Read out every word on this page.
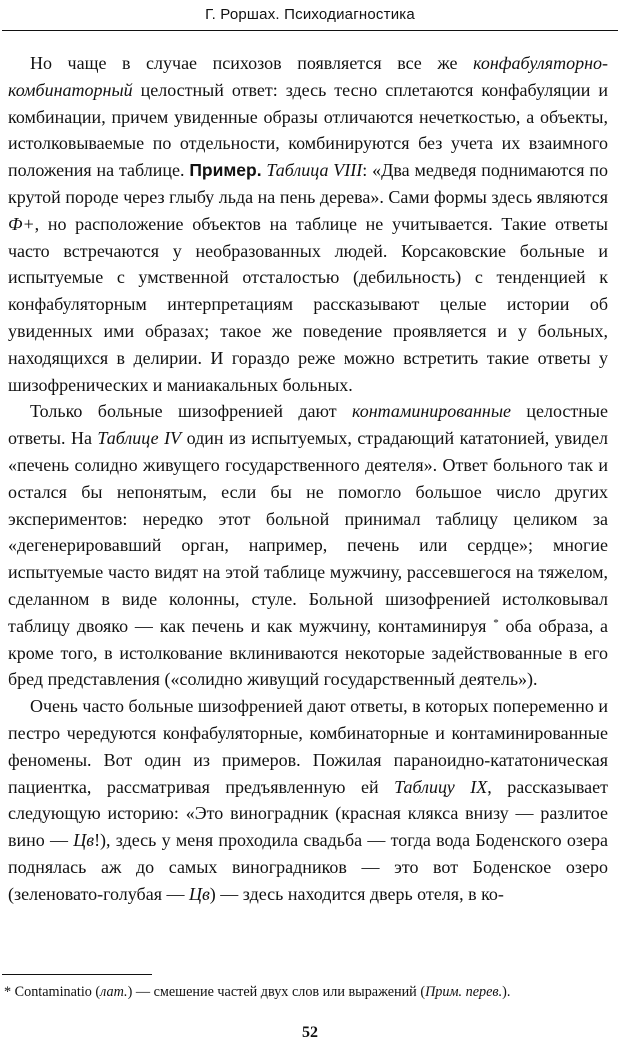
Г. Роршах. Психодиагностика

Но чаще в случае психозов появляется все же конфабуляторно-комбинаторный целостный ответ: здесь тесно сплетаются конфабуляции и комбинации, причем увиденные образы отличаются нечеткостью, а объекты, истолковываемые по отдельности, комбинируются без учета их взаимного положения на таблице. Пример. Таблица VIII: «Два медведя поднимаются по крутой породе через глыбу льда на пень дерева». Сами формы здесь являются Ф+, но расположение объектов на таблице не учитывается. Такие ответы часто встречаются у необразованных людей. Корсаковские больные и испытуемые с умственной отсталостью (дебильность) с тенденцией к конфабуляторным интерпретациям рассказывают целые истории об увиденных ими образах; такое же поведение проявляется и у больных, находящихся в делирии. И гораздо реже можно встретить такие ответы у шизофренических и маниакальных больных.

Только больные шизофренией дают контаминированные целостные ответы. На Таблице IV один из испытуемых, страдающий кататонией, увидел «печень солидно живущего государственного деятеля». Ответ больного так и остался бы непонятым, если бы не помогло большое число других экспериментов: нередко этот больной принимал таблицу целиком за «дегенерировавший орган, например, печень или сердце»; многие испытуемые часто видят на этой таблице мужчину, рассевшегося на тяжелом, сделанном в виде колонны, стуле. Больной шизофренией истолковывал таблицу двояко — как печень и как мужчину, контаминируя * оба образа, а кроме того, в истолкование вклиниваются некоторые задействованные в его бред представления («солидно живущий государственный деятель»).

Очень часто больные шизофренией дают ответы, в которых попеременно и пестро чередуются конфабуляторные, комбинаторные и контаминированные феномены. Вот один из примеров. Пожилая параноидно-кататоническая пациентка, рассматривая предъявленную ей Таблицу IX, рассказывает следующую историю: «Это виноградник (красная клякса внизу — разлитое вино — Цв!), здесь у меня проходила свадьба — тогда вода Боденского озера поднялась аж до самых виноградников — это вот Боденское озеро (зеленовато-голубая — Цв) — здесь находится дверь отеля, в ко-

* Contaminatio (лат.) — смешение частей двух слов или выражений (Прим. перев.).
52
